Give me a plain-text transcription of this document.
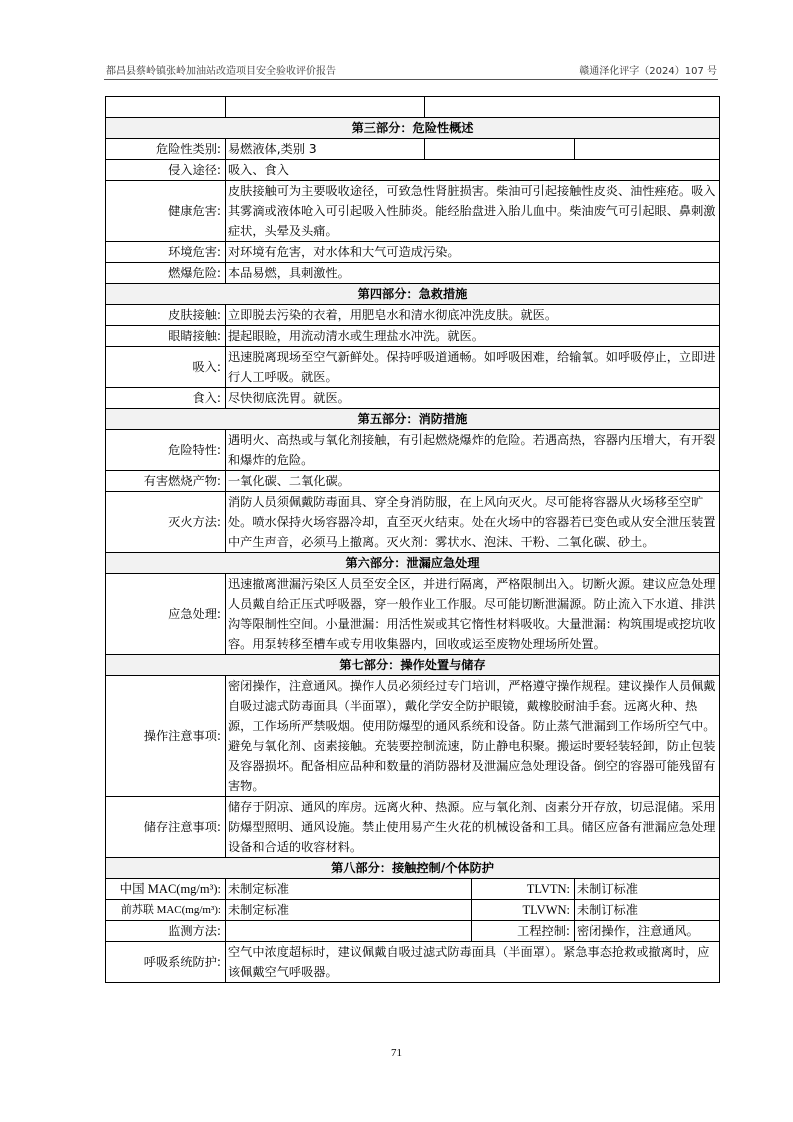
都昌县蔡岭镇张岭加油站改造项目安全验收评价报告	赣通泽化评字（2024）107 号

第三部分：危险性概述				
危险性类别:	易燃液体,类别 3			
侵入途径:	吸入、食入			
健康危害:	皮肤接触可为主要吸收途径，可致急性肾脏损害。柴油可引起接触性皮炎、油性痤疮。吸入其雾滴或液体呛入可引起吸入性肺炎。能经胎盘进入胎儿血中。柴油废气可引起眼、鼻刺激症状，头晕及头痛。			
环境危害:	对环境有危害，对水体和大气可造成污染。			
燃爆危险:	本品易燃，具刺激性。			
第四部分：急救措施				
皮肤接触:	立即脱去污染的衣着，用肥皂水和清水彻底冲洗皮肤。就医。			
眼睛接触:	提起眼睑，用流动清水或生理盐水冲洗。就医。			
吸入:	迅速脱离现场至空气新鲜处。保持呼吸道通畅。如呼吸困难，给输氧。如呼吸停止，立即进行人工呼吸。就医。			
食入:	尽快彻底洗胃。就医。			
第五部分：消防措施				
危险特性:	遇明火、高热或与氧化剂接触，有引起燃烧爆炸的危险。若遇高热，容器内压增大，有开裂和爆炸的危险。			
有害燃烧产物:	一氧化碳、二氧化碳。			
灭火方法:	消防人员须佩戴防毒面具、穿全身消防服，在上风向灭火。尽可能将容器从火场移至空旷处。喷水保持火场容器冷却，直至灭火结束。处在火场中的容器若已变色或从安全泄压装置中产生声音，必须马上撤离。灭火剂：雾状水、泡沫、干粉、二氧化碳、砂土。			
第六部分：泄漏应急处理				
应急处理:	迅速撤离泄漏污染区人员至安全区，并进行隔离，严格限制出入。切断火源。建议应急处理人员戴自给正压式呼吸器，穿一般作业工作服。尽可能切断泄漏源。防止流入下水道、排洪沟等限制性空间。小量泄漏：用活性炭或其它惰性材料吸收。大量泄漏：构筑围堤或挖坑收容。用泵转移至槽车或专用收集器内，回收或运至废物处理场所处置。			
第七部分：操作处置与储存				
操作注意事项:	密闭操作，注意通风。操作人员必须经过专门培训，严格遵守操作规程。建议操作人员佩戴自吸过滤式防毒面具（半面罩），戴化学安全防护眼镜，戴橡胶耐油手套。远离火种、热源，工作场所严禁吸烟。使用防爆型的通风系统和设备。防止蒸气泄漏到工作场所空气中。避免与氧化剂、卤素接触。充装要控制流速，防止静电积聚。搬运时要轻装轻卸，防止包装及容器损坏。配备相应品种和数量的消防器材及泄漏应急处理设备。倒空的容器可能残留有害物。			
储存注意事项:	储存于阴凉、通风的库房。远离火种、热源。应与氧化剂、卤素分开存放，切忌混储。采用防爆型照明、通风设施。禁止使用易产生火花的机械设备和工具。储区应备有泄漏应急处理设备和合适的收容材料。			
第八部分：接触控制/个体防护				
中国 MAC(mg/m³):	未制定标准		TLVTN:	未制订标准
前苏联 MAC(mg/m³):	未制定标准		TLVWN:	未制订标准
监测方法:			工程控制:	密闭操作，注意通风。
呼吸系统防护:	空气中浓度超标时，建议佩戴自吸过滤式防毒面具（半面罩）。紧急事态抢救或撤离时，应该佩戴空气呼吸器。			
71
